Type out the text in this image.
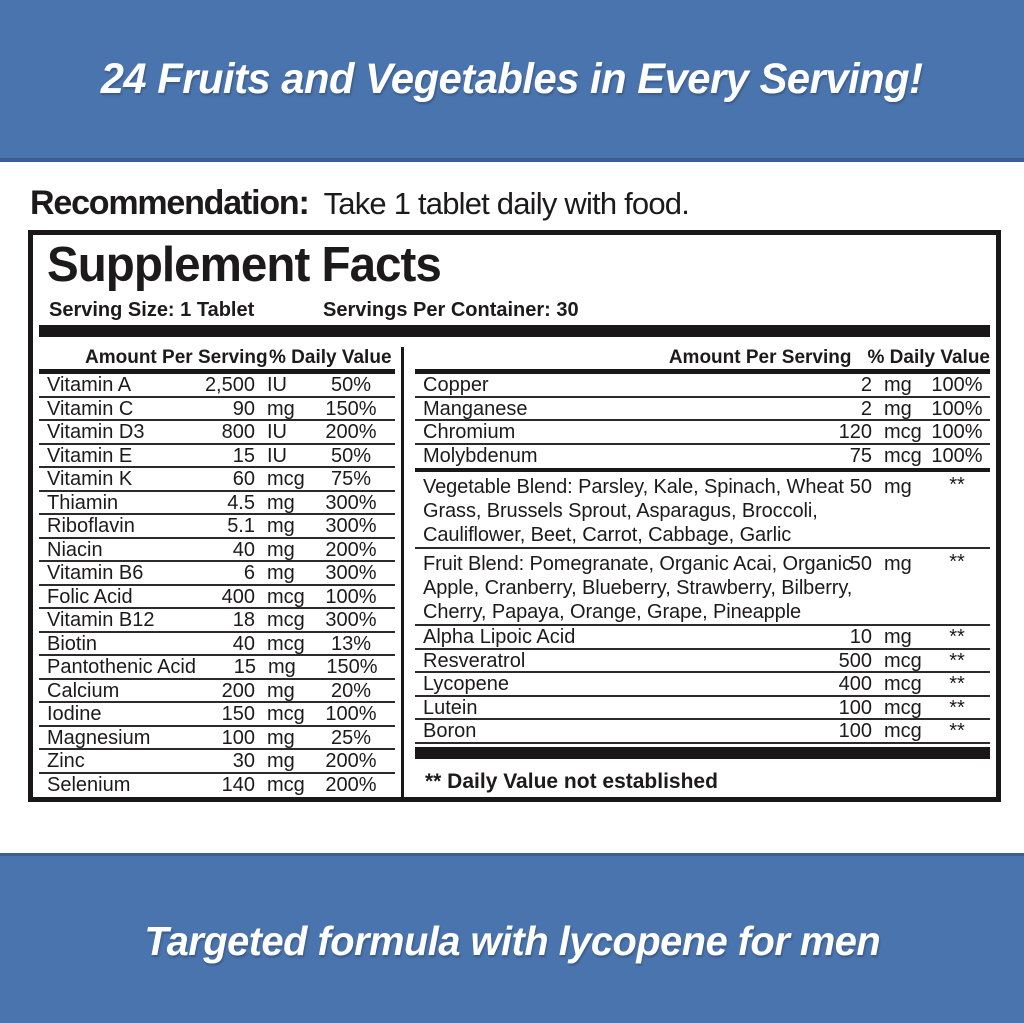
24 Fruits and Vegetables in Every Serving!
Recommendation: Take 1 tablet daily with food.
Supplement Facts
Serving Size: 1 Tablet	Servings Per Container: 30
Amount Per Serving % Daily Value
Vitamin A	2,500 IU	50%
Vitamin C	90 mg	150%
Vitamin D3	800 IU	200%
Vitamin E	15 IU	50%
Vitamin K	60 mcg	75%
Thiamin	4.5 mg	300%
Riboflavin	5.1 mg	300%
Niacin	40 mg	200%
Vitamin B6	6 mg	300%
Folic Acid	400 mcg	100%
Vitamin B12	18 mcg	300%
Biotin	40 mcg	13%
Pantothenic Acid	15 mg	150%
Calcium	200 mg	20%
Iodine	150 mcg	100%
Magnesium	100 mg	25%
Zinc	30 mg	200%
Selenium	140 mcg	200%
Amount Per Serving % Daily Value
Copper	2 mg 100%
Manganese	2 mg 100%
Chromium	120 mcg 100%
Molybdenum	75 mcg 100%
Vegetable Blend: Parsley, Kale, Spinach, Wheat Grass, Brussels Sprout, Asparagus, Broccoli, Cauliflower, Beet, Carrot, Cabbage, Garlic
50 mg	**
Fruit Blend: Pomegranate, Organic Acai, Organic Apple, Cranberry, Blueberry, Strawberry, Bilberry, Cherry, Papaya, Orange, Grape, Pineapple
50 mg	**
Alpha Lipoic Acid	10 mg	**
Resveratrol	500 mcg	**
Lycopene	400 mcg	**
Lutein	100 mcg	**
Boron	100 mcg	**
** Daily Value not established
Targeted formula with lycopene for men
